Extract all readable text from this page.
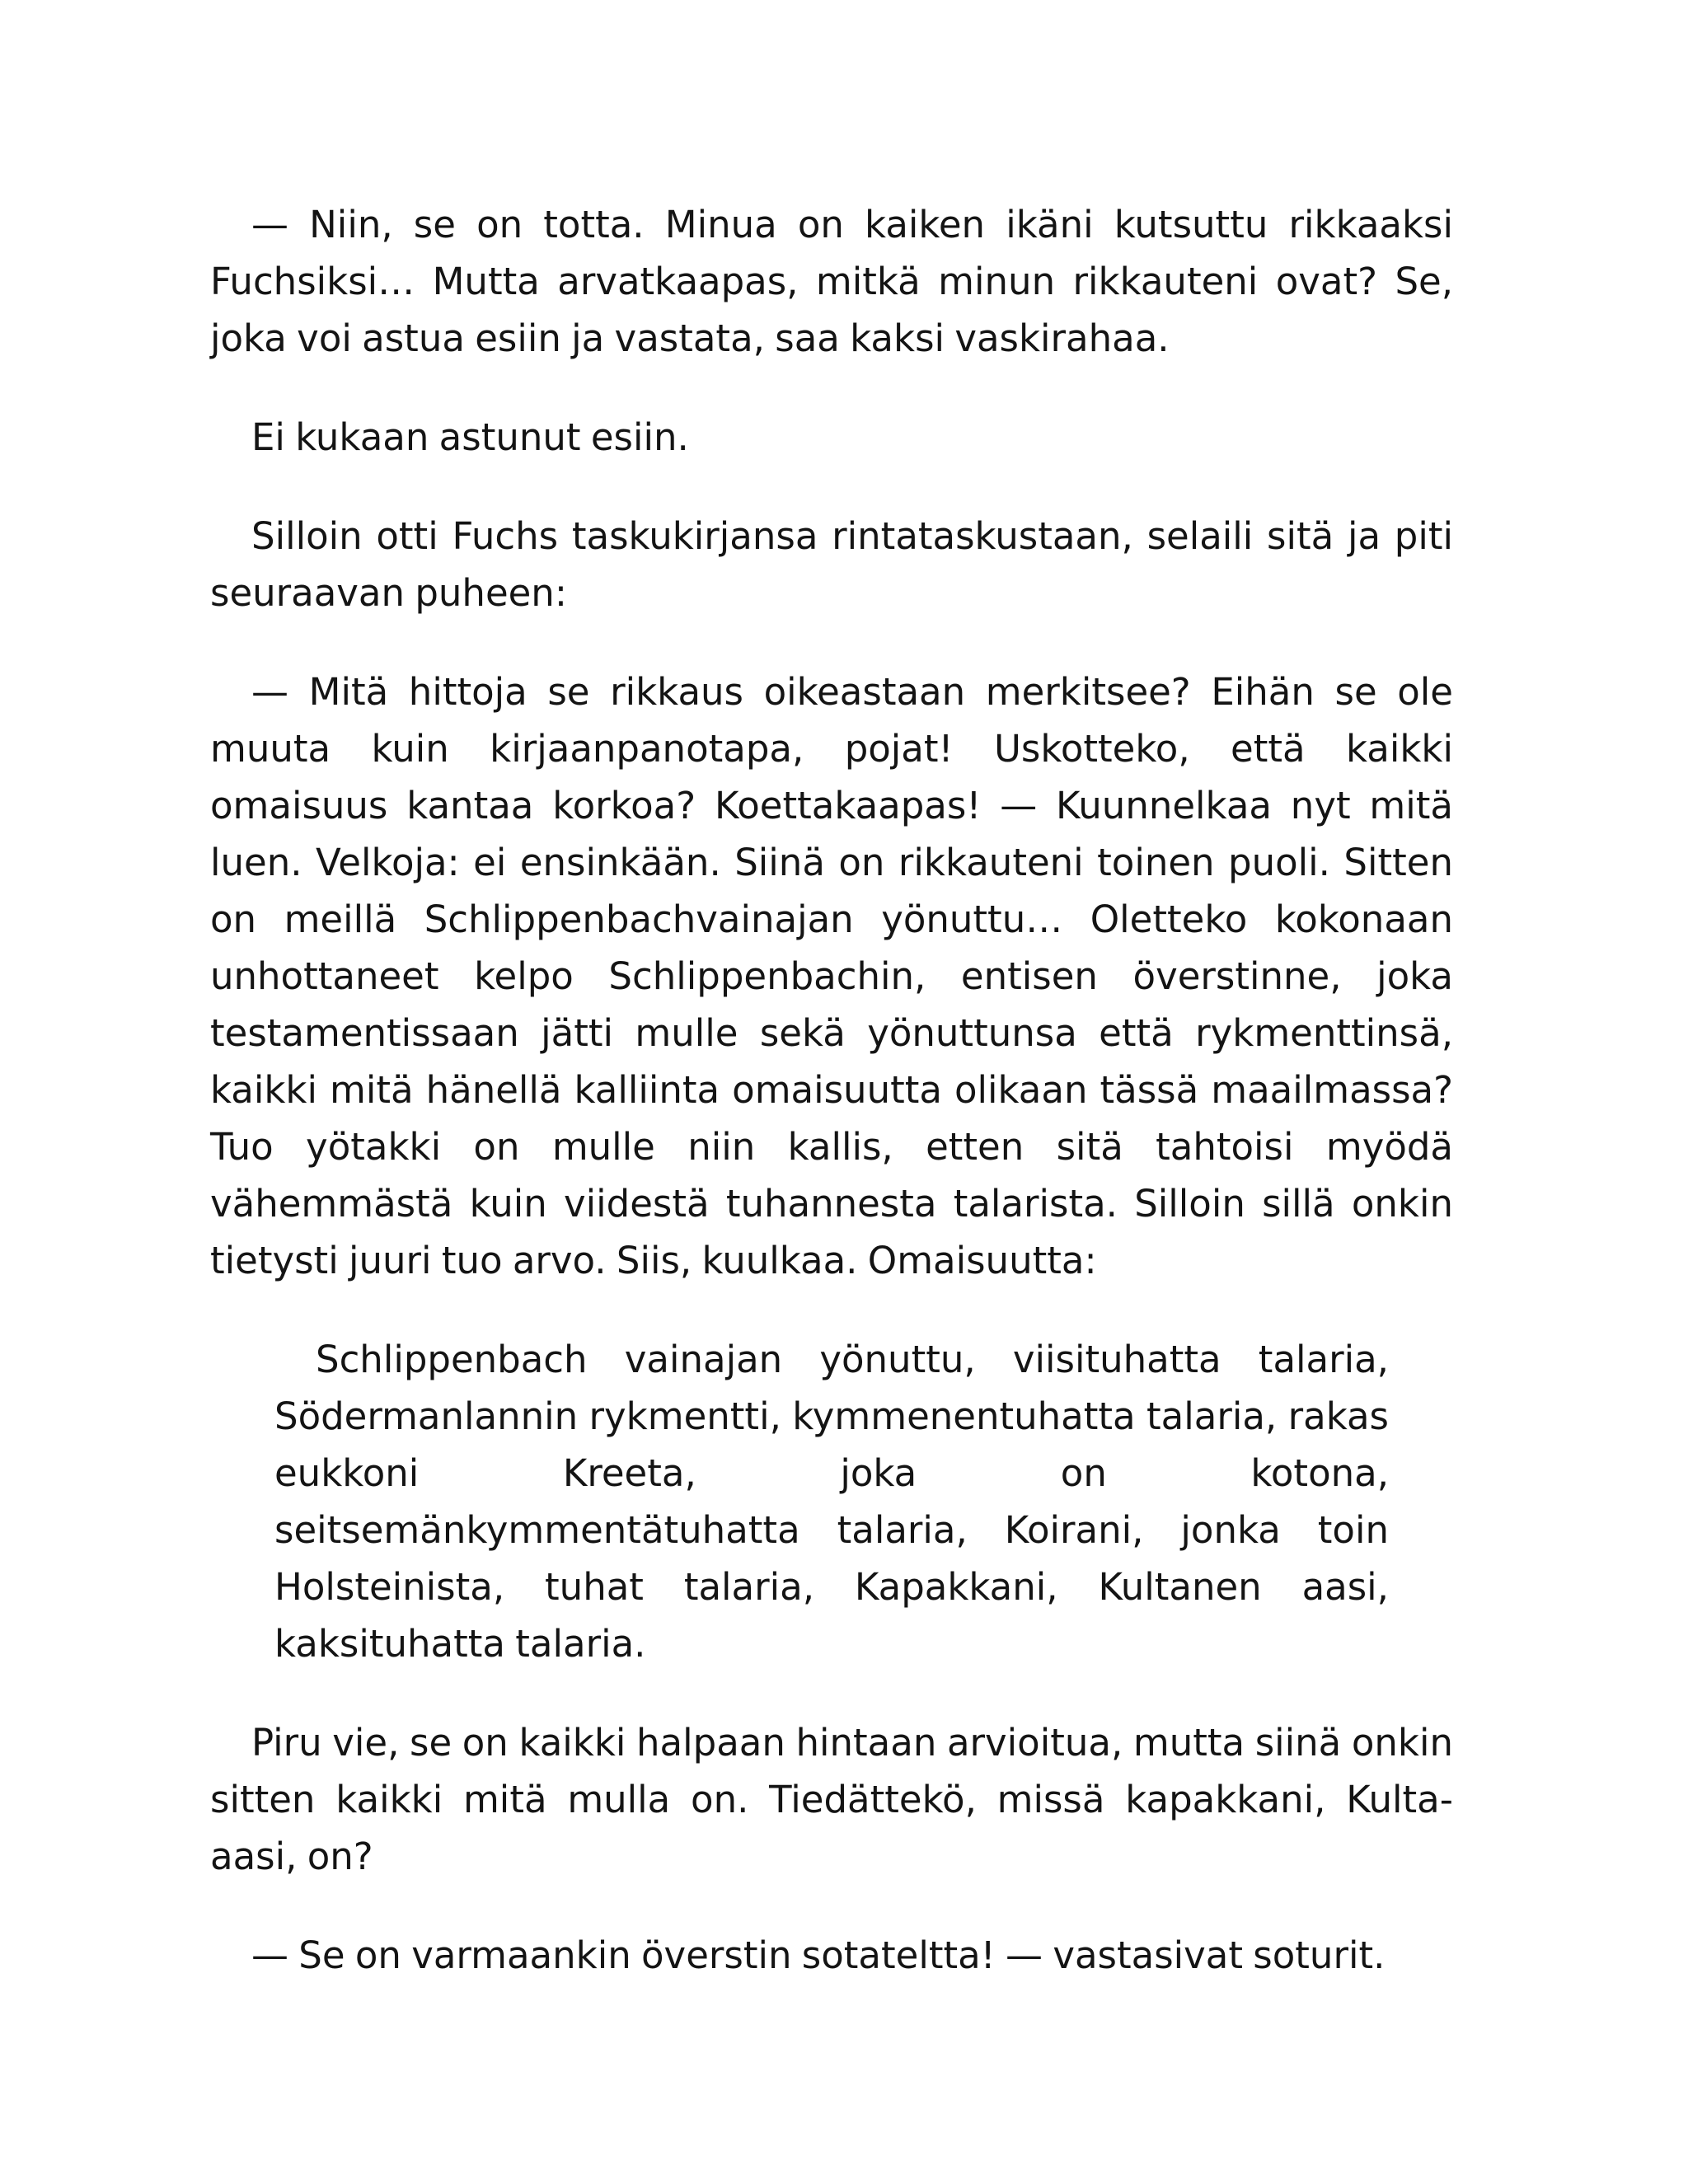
— Niin, se on totta. Minua on kaiken ikäni kutsuttu rikkaaksi Fuchsiksi… Mutta arvatkaapas, mitkä minun rikkauteni ovat? Se, joka voi astua esiin ja vastata, saa kaksi vaskirahaa.

Ei kukaan astunut esiin.

Silloin otti Fuchs taskukirjansa rintataskustaan, selaili sitä ja piti seuraavan puheen:

— Mitä hittoja se rikkaus oikeastaan merkitsee? Eihän se ole muuta kuin kirjaanpanotapa, pojat! Uskotteko, että kaikki omaisuus kantaa korkoa? Koettakaapas! — Kuunnelkaa nyt mitä luen. Velkoja: ei ensinkään. Siinä on rikkauteni toinen puoli. Sitten on meillä Schlippenbachvainajan yönuttu… Oletteko kokonaan unhottaneet kelpo Schlippenbachin, entisen överstinne, joka testamentissaan jätti mulle sekä yönuttunsa että rykmenttinsä, kaikki mitä hänellä kalliinta omaisuutta olikaan tässä maailmassa? Tuo yötakki on mulle niin kallis, etten sitä tahtoisi myödä vähemmästä kuin viidestä tuhannesta talarista. Silloin sillä onkin tietysti juuri tuo arvo. Siis, kuulkaa. Omaisuutta:

Schlippenbach vainajan yönuttu, viisituhatta talaria, Södermanlannin rykmentti, kymmenentuhatta talaria, rakas eukkoni Kreeta, joka on kotona, seitsemänkymmentätuhatta talaria, Koirani, jonka toin Holsteinista, tuhat talaria, Kapakkani, Kultanen aasi, kaksituhatta talaria.

Piru vie, se on kaikki halpaan hintaan arvioitua, mutta siinä onkin sitten kaikki mitä mulla on. Tiedättekö, missä kapakkani, Kulta-aasi, on?

— Se on varmaankin överstin sotateltta! — vastasivat soturit.
